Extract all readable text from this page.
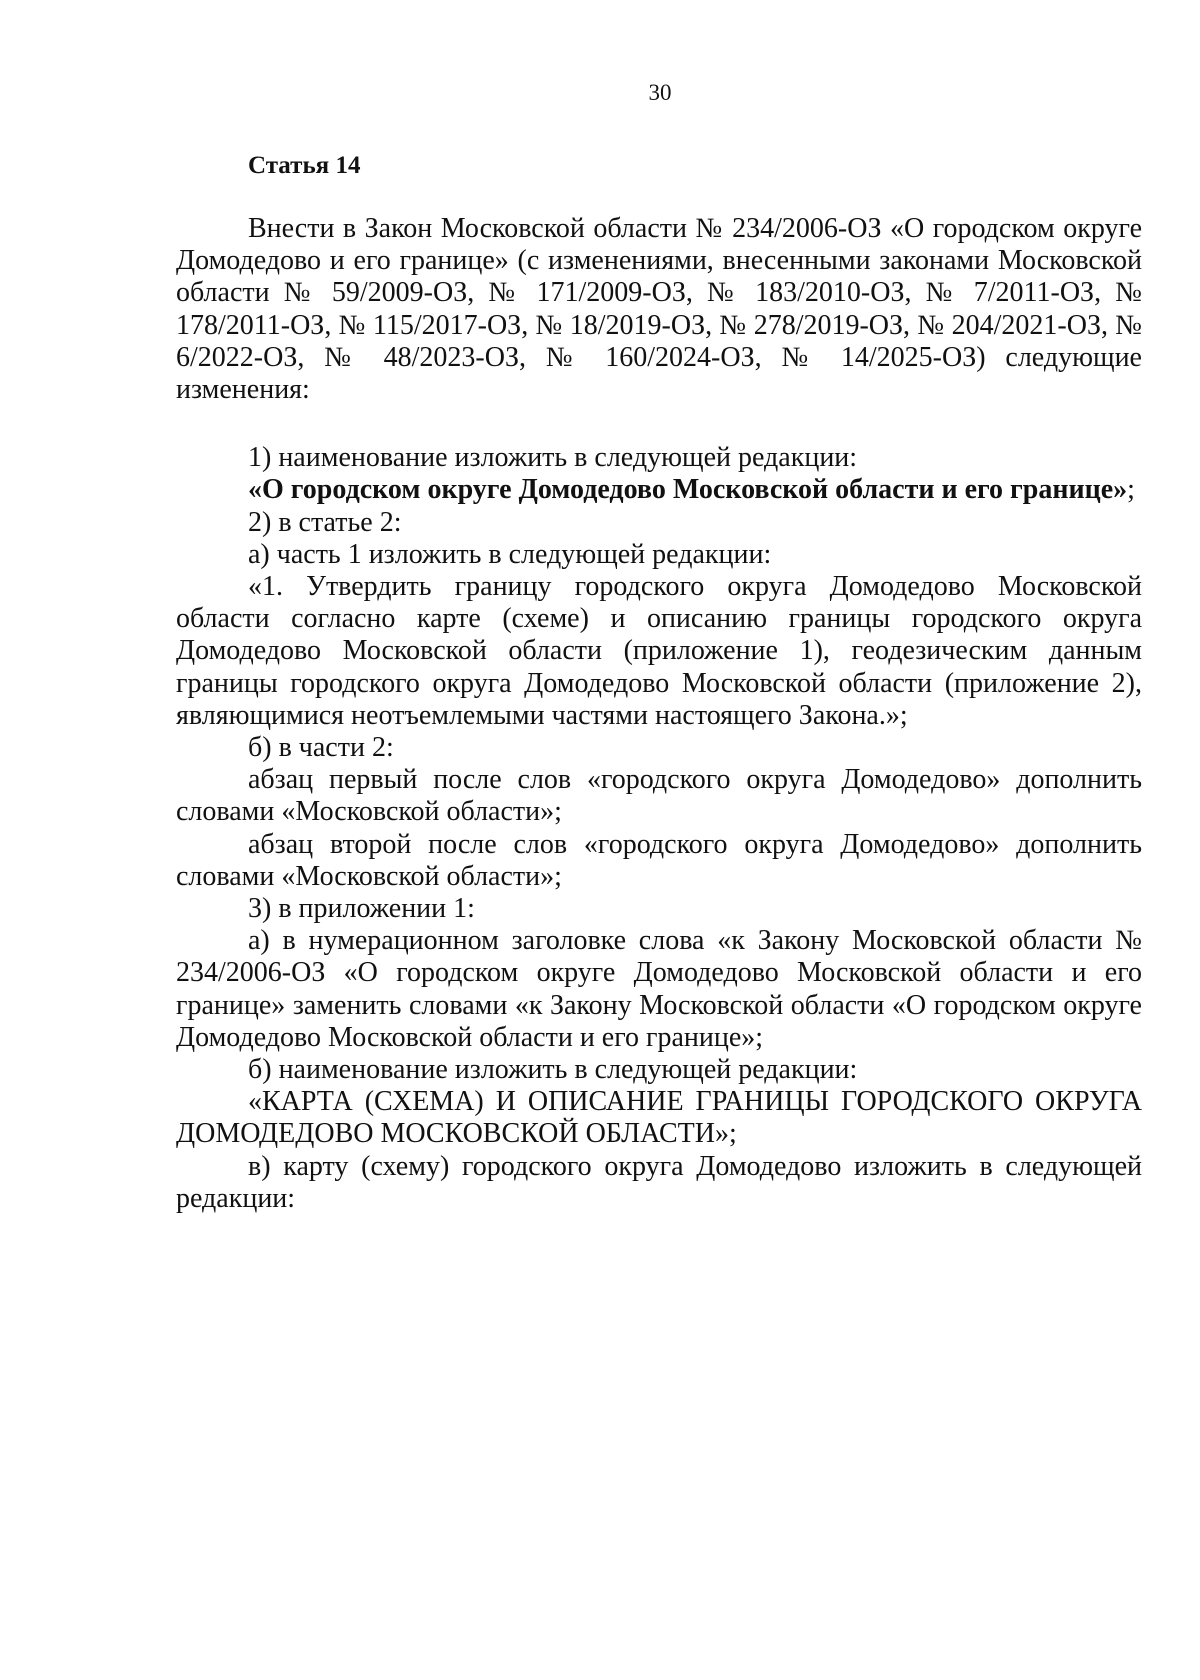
30
Статья 14

Внести в Закон Московской области № 234/2006-ОЗ «О городском округе Домодедово и его границе» (с изменениями, внесенными законами Московской области № 59/2009-ОЗ, № 171/2009-ОЗ, № 183/2010-ОЗ, № 7/2011-ОЗ, № 178/2011-ОЗ, № 115/2017-ОЗ, № 18/2019-ОЗ, № 278/2019-ОЗ, № 204/2021-ОЗ, № 6/2022-ОЗ, № 48/2023-ОЗ, № 160/2024-ОЗ, № 14/2025-ОЗ) следующие изменения:

1) наименование изложить в следующей редакции:

«О городском округе Домодедово Московской области и его границе»;

2) в статье 2:

а) часть 1 изложить в следующей редакции:

«1. Утвердить границу городского округа Домодедово Московской области согласно карте (схеме) и описанию границы городского округа Домодедово Московской области (приложение 1), геодезическим данным границы городского округа Домодедово Московской области (приложение 2), являющимися неотъемлемыми частями настоящего Закона.»;

б) в части 2:

абзац первый после слов «городского округа Домодедово» дополнить словами «Московской области»;

абзац второй после слов «городского округа Домодедово» дополнить словами «Московской области»;

3) в приложении 1:

а) в нумерационном заголовке слова «к Закону Московской области № 234/2006-ОЗ «О городском округе Домодедово Московской области и его границе» заменить словами «к Закону Московской области «О городском округе Домодедово Московской области и его границе»;

б) наименование изложить в следующей редакции:

«КАРТА (СХЕМА) И ОПИСАНИЕ ГРАНИЦЫ ГОРОДСКОГО ОКРУГА ДОМОДЕДОВО МОСКОВСКОЙ ОБЛАСТИ»;

в) карту (схему) городского округа Домодедово изложить в следующей редакции:
